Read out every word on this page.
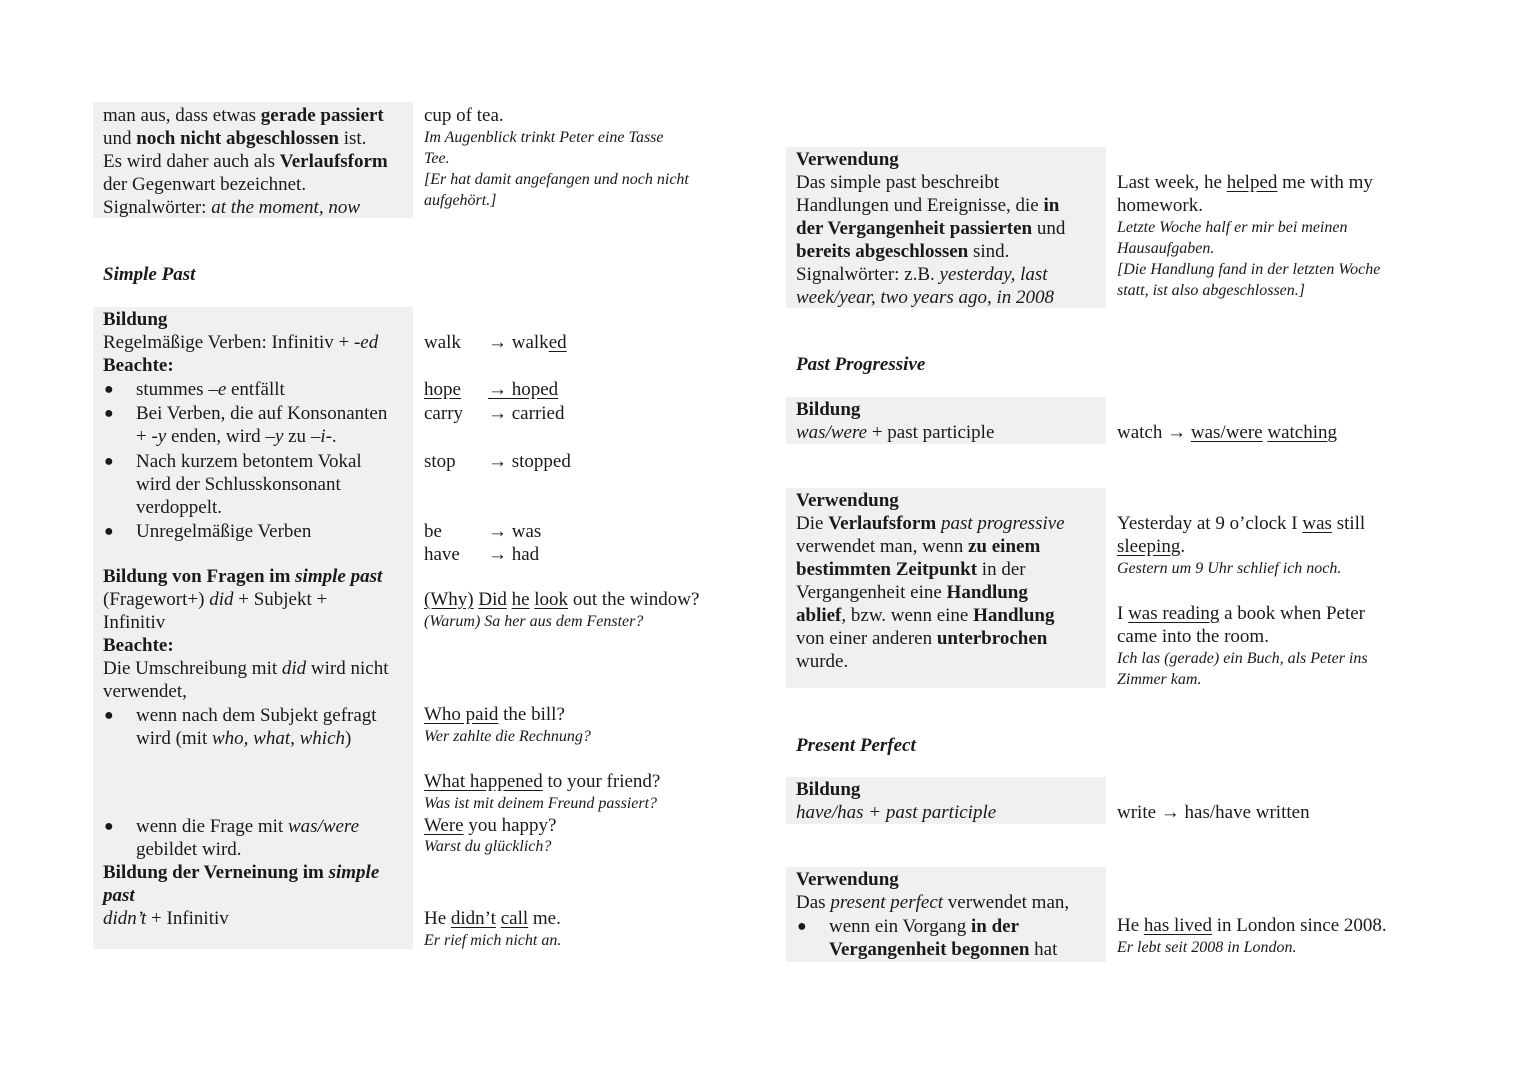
man aus, dass etwas gerade passiert
und noch nicht abgeschlossen ist.
Es wird daher auch als Verlaufsform
der Gegenwart bezeichnet.
Signalwörter: at the moment, now
cup of tea.
Im Augenblick trinkt Peter eine Tasse
Tee.
[Er hat damit angefangen und noch nicht
aufgehört.]
Simple Past
Bildung
Regelmäßige Verben: Infinitiv + -ed
Beachte:
● stummes –e entfällt
● Bei Verben, die auf Konsonanten
+ -y enden, wird –y zu –i-.
● Nach kurzem betontem Vokal
wird der Schlusskonsonant
verdoppelt.
● Unregelmäßige Verben
Bildung von Fragen im simple past
(Fragewort+) did + Subjekt +
Infinitiv
Beachte:
Die Umschreibung mit did wird nicht
verwendet,
● wenn nach dem Subjekt gefragt
wird (mit who, what, which)
● wenn die Frage mit was/were
gebildet wird.
Bildung der Verneinung im simple
past
didn’t + Infinitiv
walk → walked
hope → hoped
carry → carried
stop → stopped
be → was
have → had
(Why) Did he look out the window?
(Warum) Sa her aus dem Fenster?
Who paid the bill?
Wer zahlte die Rechnung?
What happened to your friend?
Was ist mit deinem Freund passiert?
Were you happy?
Warst du glücklich?
He didn’t call me.
Er rief mich nicht an.
Verwendung
Das simple past beschreibt
Handlungen und Ereignisse, die in
der Vergangenheit passierten und
bereits abgeschlossen sind.
Signalwörter: z.B. yesterday, last
week/year, two years ago, in 2008
Last week, he helped me with my
homework.
Letzte Woche half er mir bei meinen
Hausaufgaben.
[Die Handlung fand in der letzten Woche
statt, ist also abgeschlossen.]
Past Progressive
Bildung
was/were + past participle	watch → was/were watching
Verwendung
Die Verlaufsform past progressive
verwendet man, wenn zu einem
bestimmten Zeitpunkt in der
Vergangenheit eine Handlung
ablief, bzw. wenn eine Handlung
von einer anderen unterbrochen
wurde.
Yesterday at 9 o’clock I was still
sleeping.
Gestern um 9 Uhr schlief ich noch.
I was reading a book when Peter
came into the room.
Ich las (gerade) ein Buch, als Peter ins
Zimmer kam.
Present Perfect
Bildung
have/has + past participle	write → has/have written
Verwendung
Das present perfect verwendet man,
● wenn ein Vorgang in der
Vergangenheit begonnen hat
He has lived in London since 2008.
Er lebt seit 2008 in London.
